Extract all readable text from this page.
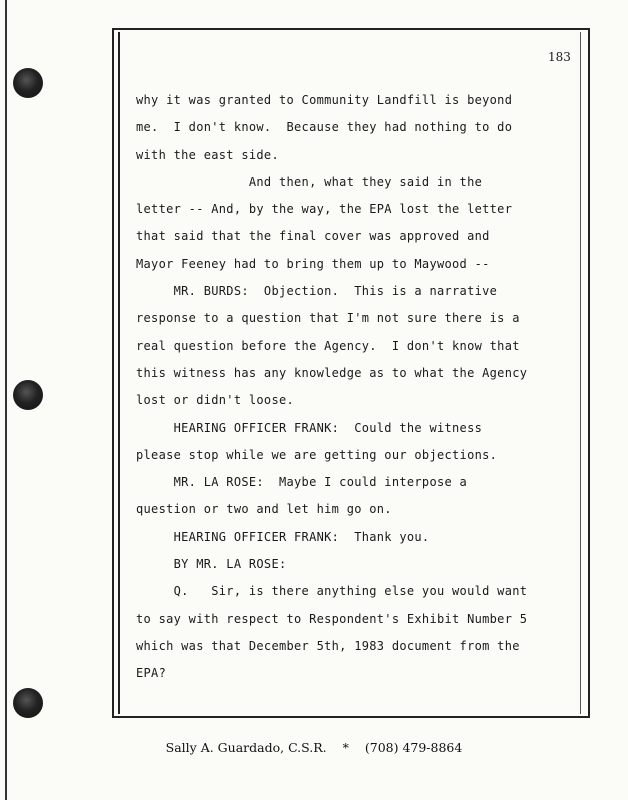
183
why it was granted to Community Landfill is beyond
me.  I don't know.  Because they had nothing to do
with the east side.
And then, what they said in the
letter -- And, by the way, the EPA lost the letter
that said that the final cover was approved and
Mayor Feeney had to bring them up to Maywood --
MR. BURDS:  Objection.  This is a narrative
response to a question that I'm not sure there is a
real question before the Agency.  I don't know that
this witness has any knowledge as to what the Agency
lost or didn't loose.
HEARING OFFICER FRANK:  Could the witness
please stop while we are getting our objections.
MR. LA ROSE:  Maybe I could interpose a
question or two and let him go on.
HEARING OFFICER FRANK:  Thank you.
BY MR. LA ROSE:
Q.   Sir, is there anything else you would want
to say with respect to Respondent's Exhibit Number 5
which was that December 5th, 1983 document from the
EPA?
Sally A. Guardado, C.S.R. * (708) 479-8864
